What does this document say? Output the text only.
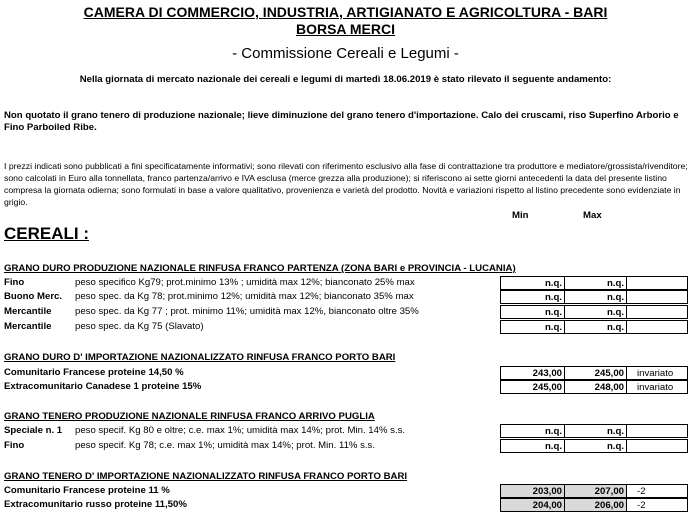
CAMERA DI COMMERCIO, INDUSTRIA, ARTIGIANATO E AGRICOLTURA - BARI
BORSA MERCI
- Commissione Cereali e Legumi -
Nella giornata di mercato nazionale dei cereali e legumi di martedì 18.06.2019 è stato rilevato il seguente andamento:
Non quotato il grano tenero di produzione nazionale; lieve diminuzione del grano tenero d'importazione. Calo dei cruscami, riso Superfino Arborio e Fino Parboiled Ribe.
I prezzi indicati sono pubblicati a fini specificatamente informativi; sono rilevati con riferimento esclusivo alla fase di contrattazione tra produttore e mediatore/grossista/rivenditore; sono calcolati in Euro alla tonnellata, franco partenza/arrivo e IVA esclusa (merce grezza alla produzione); si riferiscono ai sette giorni antecedenti la data del presente listino compresa la giornata odierna; sono formulati in base a valore qualitativo, provenienza e varietà del prodotto. Novità e variazioni rispetto al listino precedente sono evidenziate in grigio.
Min	Max
CEREALI :
GRANO DURO PRODUZIONE NAZIONALE RINFUSA FRANCO PARTENZA (ZONA BARI e PROVINCIA - LUCANIA)
Fino	peso specifico Kg79; prot.minimo 13% ; umidità max 12%; bianconato 25% max	n.q.	n.q.
Buono Merc. peso spec. da Kg 78; prot.minimo 12%; umidità max 12%; bianconato 35% max	n.q.	n.q.
Mercantile peso spec. da Kg 77 ; prot. minimo 11%; umidità max 12%, bianconato oltre 35%	n.q.	n.q.
Mercantile peso spec. da Kg 75 (Slavato)	n.q.	n.q.
GRANO DURO D' IMPORTAZIONE NAZIONALIZZATO RINFUSA FRANCO PORTO BARI
Comunitario Francese proteine 14,50 %	243,00	245,00	invariato
Extracomunitario Canadese 1 proteine 15%	245,00	248,00	invariato
GRANO TENERO PRODUZIONE NAZIONALE RINFUSA FRANCO ARRIVO PUGLIA
Speciale n. 1 peso specif. Kg 80 e oltre; c.e. max 1%; umidità max 14%; prot. Min. 14% s.s.	n.q.	n.q.
Fino	peso specif. Kg 78; c.e. max 1%; umidità max 14%; prot. Min. 11% s.s.	n.q.	n.q.
GRANO TENERO D' IMPORTAZIONE NAZIONALIZZATO RINFUSA FRANCO PORTO BARI
Comunitario Francese proteine 11 %	203,00	207,00	-2
Extracomunitario russo proteine 11,50%	204,00	206,00	-2
